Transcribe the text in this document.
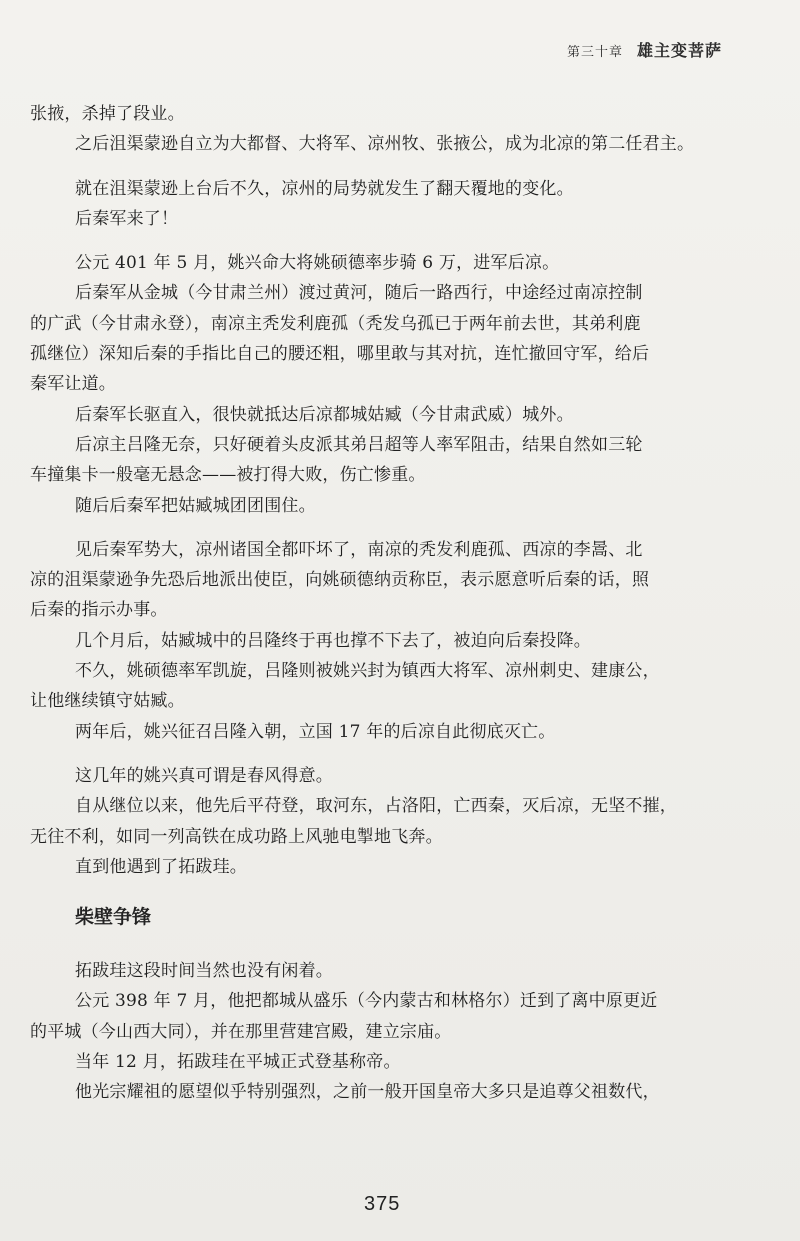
第三十章 雄主变菩萨

张掖，杀掉了段业。

之后沮渠蒙逊自立为大都督、大将军、凉州牧、张掖公，成为北凉的第二任君主。

就在沮渠蒙逊上台后不久，凉州的局势就发生了翻天覆地的变化。

后秦军来了！

公元 401 年 5 月，姚兴命大将姚硕德率步骑 6 万，进军后凉。

后秦军从金城（今甘肃兰州）渡过黄河，随后一路西行，中途经过南凉控制

的广武（今甘肃永登），南凉主秃发利鹿孤（秃发乌孤已于两年前去世，其弟利鹿

孤继位）深知后秦的手指比自己的腰还粗，哪里敢与其对抗，连忙撤回守军，给后

秦军让道。

后秦军长驱直入，很快就抵达后凉都城姑臧（今甘肃武威）城外。

后凉主吕隆无奈，只好硬着头皮派其弟吕超等人率军阻击，结果自然如三轮

车撞集卡一般毫无悬念——被打得大败，伤亡惨重。

随后后秦军把姑臧城团团围住。

见后秦军势大，凉州诸国全都吓坏了，南凉的秃发利鹿孤、西凉的李暠、北

凉的沮渠蒙逊争先恐后地派出使臣，向姚硕德纳贡称臣，表示愿意听后秦的话，照

后秦的指示办事。

几个月后，姑臧城中的吕隆终于再也撑不下去了，被迫向后秦投降。

不久，姚硕德率军凯旋，吕隆则被姚兴封为镇西大将军、凉州刺史、建康公，

让他继续镇守姑臧。

两年后，姚兴征召吕隆入朝，立国 17 年的后凉自此彻底灭亡。

这几年的姚兴真可谓是春风得意。

自从继位以来，他先后平苻登，取河东，占洛阳，亡西秦，灭后凉，无坚不摧，

无往不利，如同一列高铁在成功路上风驰电掣地飞奔。

直到他遇到了拓跋珪。

柴壁争锋

拓跋珪这段时间当然也没有闲着。

公元 398 年 7 月，他把都城从盛乐（今内蒙古和林格尔）迁到了离中原更近

的平城（今山西大同），并在那里营建宫殿，建立宗庙。

当年 12 月，拓跋珪在平城正式登基称帝。

他光宗耀祖的愿望似乎特别强烈，之前一般开国皇帝大多只是追尊父祖数代，

375
